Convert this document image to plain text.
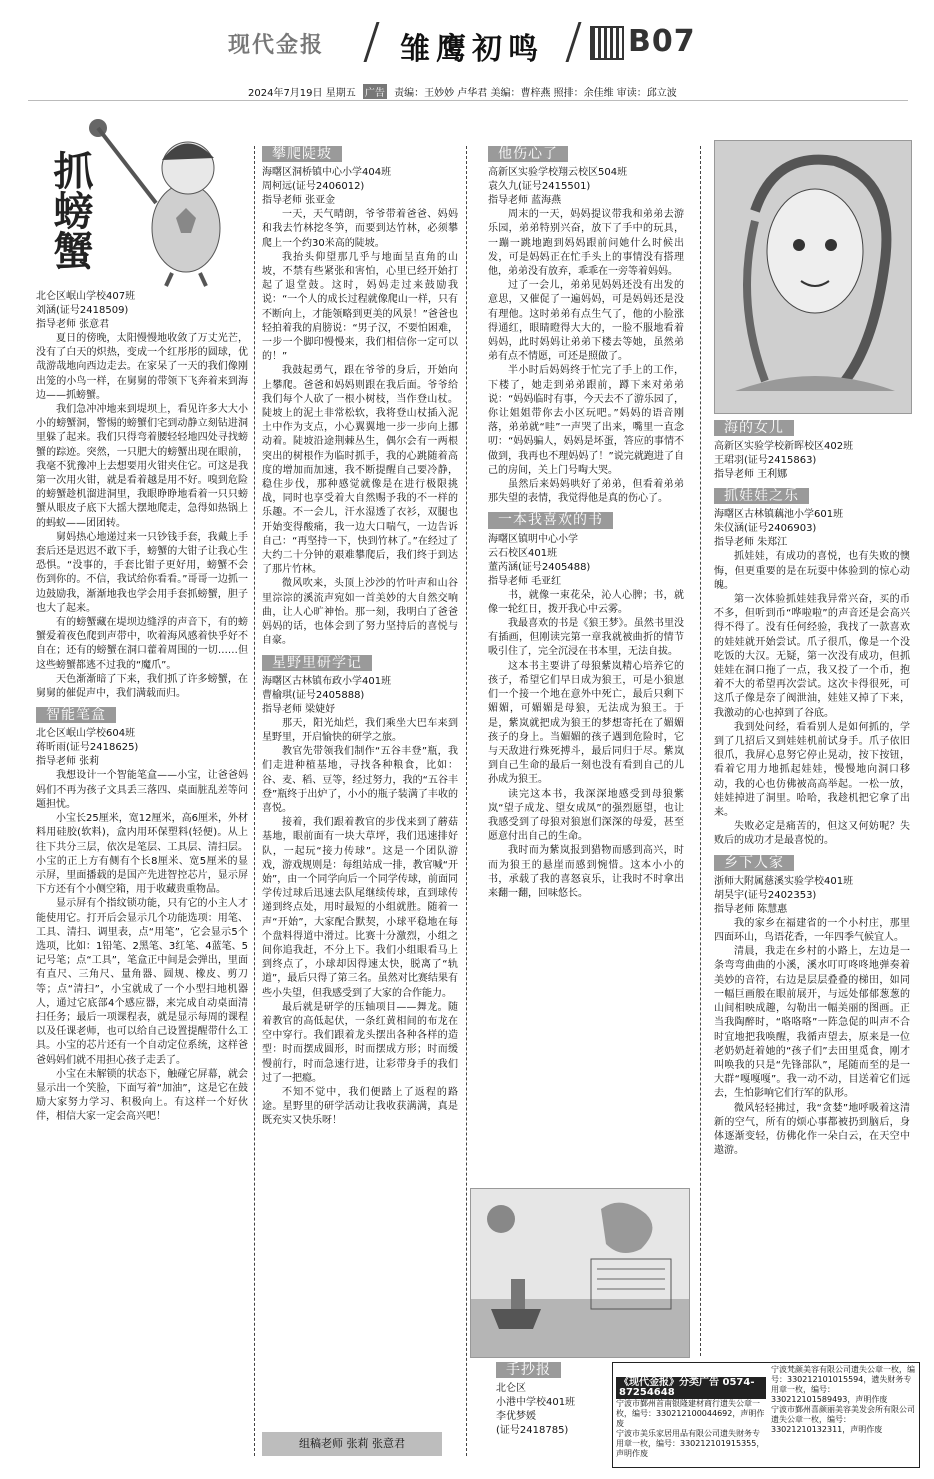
现代金报	雏鹰初鸣	B07
2024年7月19日 星期五 广告 责编：王妙妙 卢华君 美编：曹梓燕 照排：余佳维 审读：邱立波
抓螃蟹

北仑区岷山学校407班

刘涵(证号2418509)

指导老师 张意君

夏日的傍晚，太阳慢慢地收敛了万丈光芒，没有了白天的炽热，变成一个红彤彤的圆球，优哉游哉地向西边走去。在家呆了一天的我们像刚出笼的小鸟一样，在舅舅的带领下飞奔着来到海边——抓螃蟹。

我们急冲冲地来到堤坝上，看见许多大大小小的螃蟹洞，警惕的螃蟹们宅到动静立刻钻进洞里躲了起来。我们只得弯着腰轻轻地四处寻找螃蟹的踪迹。突然，一只肥大的螃蟹出现在眼前，我毫不犹豫冲上去想要用火钳夹住它。可这是我第一次用火钳，就是看着越是用不好。嗅到危险的螃蟹趁机溜进洞里，我眼睁睁地看着一只只螃蟹从眼皮子底下大摇大摆地爬走，急得如热锅上的蚂蚁——团团转。

舅妈热心地递过来一只钞钱手套，我戴上手套后还是迟迟不敢下手，螃蟹的大钳子让我心生恐惧。“没事的，手套比钳子更好用，螃蟹不会伤到你的。不信，我试给你看看。”哥哥一边抓一边鼓励我，渐渐地我也学会用手套抓螃蟹，胆子也大了起来。

有的螃蟹藏在堤坝边缝浮的声音下，有的螃蟹爱着夜色爬到声带中，吹着海风感着快乎好不自在；还有的螃蟹在洞口藿着周围的一切……但这些螃蟹都逃不过我的“魔爪”。

天色渐渐暗了下来，我们抓了许多螃蟹，在舅舅的催促声中，我们满载而归。

智能笔盒

北仑区岷山学校604班

蒋昕雨(证号2418625)

指导老师 张莉

我想设计一个智能笔盒——小宝，让爸爸妈妈们不再为孩子文具丢三落四、桌面脏乱差等问题担忧。

小宝长25厘米，宽12厘米，高6厘米，外材料用硅胶(软料)，盒内用环保塑料(轻便)。从上往下共分三层，依次是笔层、工具层、清扫层。小宝的正上方有侧有个长8厘米、宽5厘米的显示屏，里面播载的是国产先进智控芯片，显示屏下方还有个小侧空箱，用于收藏贵重物品。

显示屏有个指纹锁功能，只有它的小主人才能使用它。打开后会显示几个功能选项：用笔、工具、清扫、调里表，点“用笔”，它会显示5个选项，比如：1铅笔、2黑笔、3红笔、4蓝笔、5记号笔；点“工具”，笔盒正中间是会弹出，里面有直尺、三角尺、量角器、圆规、橡皮、剪刀等；点“清扫”，小宝就成了一个小型扫地机器人，通过它底部4个感应器，来完成自动桌面清扫任务；最后一项课程表，就是显示每周的课程以及任课老师，也可以给自己设置提醒带什么工具。小宝的芯片还有一个自动定位系统，这样爸爸妈妈们就不用担心孩子走丢了。

小宝在未解锁的状态下，触碰它屏幕，就会显示出一个笑脸，下面写着“加油”，这是它在鼓励大家努力学习、积极向上。有这样一个好伙伴，相信大家一定会高兴吧！

攀爬陡坡

海曙区洞桥镇中心小学404班

周柯远(证号2406012)

指导老师 张亚金

一天，天气晴朗，爷爷带着爸爸、妈妈和我去竹林挖冬笋，而要到达竹林，必须攀爬上一个约30米高的陡坡。

我抬头仰望那几乎与地面呈直角的山坡，不禁有些紧张和害怕，心里已经开始打起了退堂鼓。这时，妈妈走过来鼓励我说：“一个人的成长过程就像爬山一样，只有不断向上，才能领略到更美的风景！”爸爸也轻拍着我的肩膀说：“男子汉，不要怕困难，一步一个脚印慢慢来，我们相信你一定可以的！”

我鼓起勇气，跟在爷爷的身后，开始向上攀爬。爸爸和妈妈则跟在我后面。爷爷给我们每个人砍了一根小树枝，当作登山杖。陡坡上的泥土非常松软，我将登山杖插入泥土中作为支点，小心翼翼地一步一步向上挪动着。陡坡沿途荆棘丛生，偶尔会有一两根突出的树根作为临时抓手，我的心跳随着高度的增加而加速，我不断提醒自己要冷静，稳住步伐，那种感觉就像是在进行极限挑战，同时也享受着大自然赐予我的不一样的乐趣。不一会儿，汗水湿透了衣衫，双腿也开始变得酸痛，我一边大口喘气，一边告诉自己：“再坚持一下，快到竹林了。”在经过了大约二十分钟的艰难攀爬后，我们终于到达了那片竹林。

微风吹来，头顶上沙沙的竹叶声和山谷里淙淙的溪流声宛如一首美妙的大自然交响曲，让人心旷神怡。那一刻，我明白了爸爸妈妈的话，也体会到了努力坚持后的喜悦与自豪。

星野里研学记

海曙区古林镇布政小学401班

曹榆琪(证号2405888)

指导老师 梁婕妤

那天，阳光灿烂，我们乘坐大巴车来到星野里，开启愉快的研学之旅。

教官先带领我们制作“五谷丰登”瓶，我们走进种植基地，寻找各种粮食，比如：谷、麦、稻、豆等，经过努力，我的“五谷丰登”瓶终于出炉了，小小的瓶子装满了丰收的喜悦。

接着，我们跟着教官的步伐来到了蘑菇基地，眼前面有一块大草坪，我们迅速排好队，一起玩“接力传球”。这是一个团队游戏，游戏规则是：每组站成一排，教官喊“开始”，由一个同学向后一个同学传球，前面同学传过球后迅速去队尾继续传球，直到球传递到终点处，用时最短的小组就胜。随着一声“开始”，大家配合默契，小球平稳地在每个盘料得道中滑过。比赛十分激烈，小组之间你追我赶，不分上下。我们小组眼看马上到终点了，小球却因得速太快，脱离了“轨道”，最后只得了第三名。虽然对比赛结果有些小失望，但我感受到了大家的合作能力。

最后就是研学的压轴项目——舞龙。随着教官的高低起伏，一条红黄相间的布龙在空中穿行。我们跟着龙头摆出各种各样的造型：时而摆成圆形，时而摆成方形；时而缓慢前行，时而急速行进，让彩带身手的我们过了一把瘾。

不知不觉中，我们便踏上了返程的路途。星野里的研学活动让我收获满满，真是既充实又快乐呀！

组稿老师 张莉 张意君
他伤心了

高新区实验学校翔云校区504班

袁久九(证号2415501)

指导老师 蓝海燕

周末的一天，妈妈提议带我和弟弟去游乐园，弟弟特别兴奋，放下了手中的玩具，一蹦一跳地跑到妈妈跟前问她什么时候出发，可是妈妈正在忙手头上的事情没有搭理他，弟弟没有放弃，乖乖在一旁等着妈妈。

过了一会儿，弟弟见妈妈还没有出发的意思，又催促了一遍妈妈，可是妈妈还是没有理他。这时弟弟有点生气了，他的小脸涨得通红，眼睛瞪得大大的，一脸不服地看着妈妈，此时妈妈让弟弟下楼去等她，虽然弟弟有点不情愿，可还是照做了。

半小时后妈妈终于忙完了手上的工作，下楼了，她走到弟弟跟前，蹲下来对弟弟说：“妈妈临时有事，今天去不了游乐园了，你让姐姐带你去小区玩吧。”妈妈的语音刚落，弟弟就“哇”一声哭了出来，嘴里一直念叨：“妈妈骗人，妈妈是坏蛋，答应的事情不做到，我再也不理妈妈了！”说完就跑进了自己的房间，关上门号啕大哭。

虽然后来妈妈哄好了弟弟，但看着弟弟那失望的表情，我觉得他是真的伤心了。

一本我喜欢的书

海曙区镇明中心小学

云石校区401班

董芮涵(证号2405488)

指导老师 毛亚红

书，就像一束花朵，沁人心脾；书，就像一轮红日，拨开我心中云雾。

我最喜欢的书是《狼王梦》。虽然书里没有插画，但刚读完第一章我就被曲折的情节吸引住了，完全沉浸在书本里，无法自拔。

这本书主要讲了母狼紫岚精心培养它的孩子，希望它们早日成为狼王，可是小狼崽们一个接一个地在意外中死亡，最后只剩下媚媚，可媚媚是母狼，无法成为狼王。于是，紫岚就把成为狼王的梦想寄托在了媚媚孩子的身上。当媚媚的孩子遇到危险时，它与天敌进行殊死搏斗，最后同归于尽。紫岚到自己生命的最后一刻也没有看到自己的儿孙成为狼王。

读完这本书，我深深地感受到母狼紫岚“望子成龙、望女成凤”的强烈愿望，也让我感受到了母狼对狼崽们深深的母爱，甚至愿意付出自己的生命。

我时而为紫岚报到猎物而感到高兴，时而为狼王的悬崖而感到惋惜。这本小小的书，承载了我的喜怒哀乐，让我时不时拿出来翻一翻，回味悠长。

手抄报

北仑区

小港中学校401班

李优梦媛

(证号2418785)

海的女儿

高新区实验学校新晖校区402班

王珺羽(证号2415863)

指导老师 王利娜

抓娃娃之乐

海曙区古林镇藕池小学601班

朱仪涵(证号2406903)

指导老师 朱郑江

抓娃娃，有成功的喜悦，也有失败的懊悔，但更重要的是在玩耍中体验到的惊心动魄。

第一次体验抓娃娃我异常兴奋，买的币不多，但听到币“哗啦啦”的声音还是会高兴得不得了。没有任何经验，我找了一款喜欢的娃娃就开始尝试。爪子很爪，像是一个没吃饭的大汉。无疑，第一次没有成功，但抓娃娃在洞口拖了一点，我又投了一个币，抱着不大的希望再次尝试。这次卡得很死，可这爪子像是奈了阀泄油，娃娃又掉了下来，我激动的心也掉到了谷底。

我到处问经，看看别人是如何抓的，学到了几招后又到娃娃机前试身手。爪子依旧很爪，我屏心息努它停止晃动，按下按钮，看着它用力地抓起娃娃，慢慢地向洞口移动，我的心也仿佛被高高举起。一松一放，娃娃掉进了洞里。哈哈，我趁机把它拿了出来。

失败必定是痛苦的，但这又何妨呢？失败后的成功才是最喜悦的。

乡下人家

浙师大附属慈溪实验学校401班

胡昊宇(证号2402353)

指导老师 陈慧惠

我的家乡在福建省的一个小村庄，那里四面环山，鸟语花香，一年四季气候宜人。

清晨，我走在乡村的小路上，左边是一条弯弯曲曲的小溪，溪水叮叮咚咚地弹奏着美妙的音符，右边是层层叠叠的梯田，如同一幅巨画般在眼前展开，与远处郁郁葱葱的山间相映成趣，勾勒出一幅美丽的图画。正当我陶醉时，“咯咯咯”一阵急促的叫声不合时宜地把我唤醒，我循声望去，原来是一位老奶奶赶着她的“孩子们”去田里觅食，刚才叫唤我的只是“先锋部队”，尾随而至的是一大群“嘎嘎嘎”。我一动不动，目送着它们远去，生怕影响它们行军的队形。

微风轻轻拂过，我“贪婪”地呼吸着这清新的空气，所有的烦心事都被扔到脑后，身体逐渐变轻，仿佛化作一朵白云，在天空中遨游。

《现代金报》分类广告 0574-87254648
宁波市鄞州首南银隆建材商行遗失公章一枚，编号：330212100044692，声明作废
宁波市美乐家居用品有限公司遗失财务专用章一枚，编号：330212101915355，声明作废
宁波梵颜美容有限公司遗失公章一枚，编号：330212101015594，遗失财务专用章一枚，编号：330212101589493，声明作废
宁波市鄞州喜颜丽美容美发会所有限公司遗失公章一枚，编号：33021210132311，声明作废
